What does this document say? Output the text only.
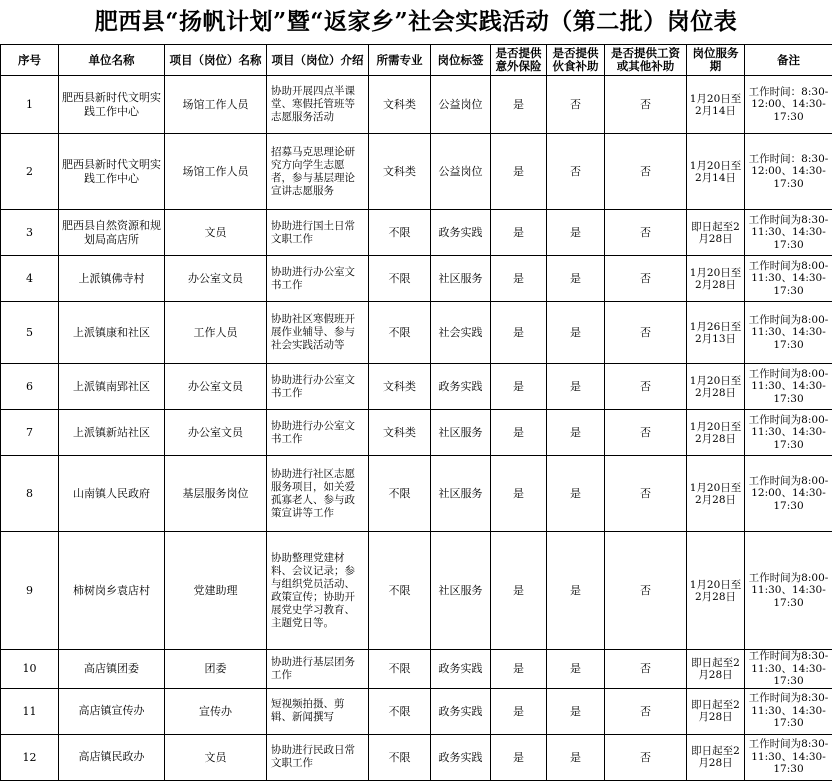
肥西县“扬帆计划”暨“返家乡”社会实践活动（第二批）岗位表
序号	单位名称	项目（岗位）名称	项目（岗位）介绍	所需专业	岗位标签	是否提供意外保险	是否提供伙食补助	是否提供工资或其他补助	岗位服务期	备注
1	肥西县新时代文明实践工作中心	场馆工作人员	协助开展四点半课堂、寒假托管班等志愿服务活动	文科类	公益岗位	是	否	否	1月20日至2月14日	工作时间：8:30-12:00、14:30-17:30
2	肥西县新时代文明实践工作中心	场馆工作人员	招募马克思理论研究方向学生志愿者，参与基层理论宣讲志愿服务	文科类	公益岗位	是	否	否	1月20日至2月14日	工作时间：8:30-12:00、14:30-17:30
3	肥西县自然资源和规划局高店所	文员	协助进行国土日常文职工作	不限	政务实践	是	是	否	即日起至2月28日	工作时间为8:30-11:30、14:30-17:30
4	上派镇佛寺村	办公室文员	协助进行办公室文书工作	不限	社区服务	是	是	否	1月20日至2月28日	工作时间为8:00-11:30、14:30-17:30
5	上派镇康和社区	工作人员	协助社区寒假班开展作业辅导、参与社会实践活动等	不限	社会实践	是	是	否	1月26日至2月13日	工作时间为8:00-11:30、14:30-17:30
6	上派镇南郢社区	办公室文员	协助进行办公室文书工作	文科类	政务实践	是	是	否	1月20日至2月28日	工作时间为8:00-11:30、14:30-17:30
7	上派镇新站社区	办公室文员	协助进行办公室文书工作	文科类	社区服务	是	是	否	1月20日至2月28日	工作时间为8:00-11:30、14:30-17:30
8	山南镇人民政府	基层服务岗位	协助进行社区志愿服务项目，如关爱孤寡老人、参与政策宣讲等工作	不限	社区服务	是	是	否	1月20日至2月28日	工作时间为8:00-12:00、14:30-17:30
9	柿树岗乡袁店村	党建助理	协助整理党建材料、会议记录；参与组织党员活动、政策宣传；协助开展党史学习教育、主题党日等。	不限	社区服务	是	是	否	1月20日至2月28日	工作时间为8:00-11:30、14:30-17:30
10	高店镇团委	团委	协助进行基层团务工作	不限	政务实践	是	是	否	即日起至2月28日	工作时间为8:30-11:30、14:30-17:30
11	高店镇宣传办	宣传办	短视频拍摄、剪辑、新闻撰写	不限	政务实践	是	是	否	即日起至2月28日	工作时间为8:30-11:30、14:30-17:30
12	高店镇民政办	文员	协助进行民政日常文职工作	不限	政务实践	是	是	否	即日起至2月28日	工作时间为8:30-11:30、14:30-17:30
